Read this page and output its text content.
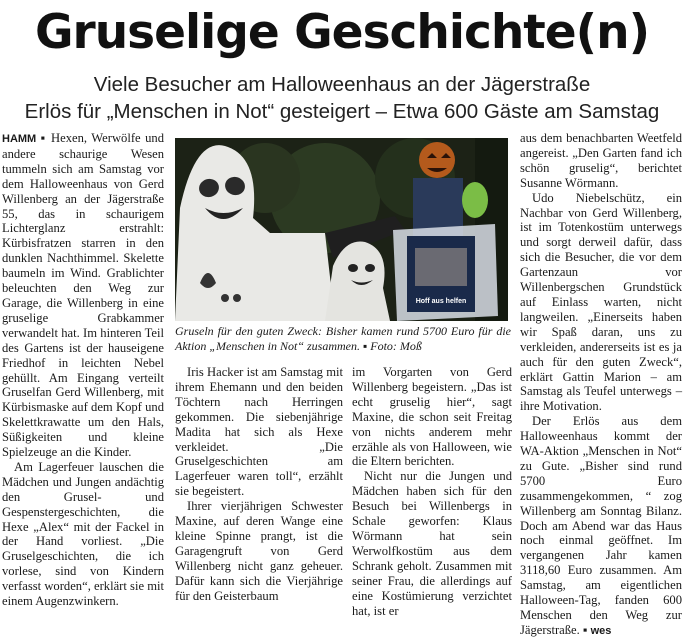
Gruselige Geschichte(n)
Viele Besucher am Halloweenhaus an der Jägerstraße
Erlös für „Menschen in Not“ gesteigert – Etwa 600 Gäste am Samstag

HAMM ▪ Hexen, Werwölfe und andere schaurige Wesen tummeln sich am Samstag vor dem Halloweenhaus von Gerd Willenberg an der Jägerstraße 55, das in schaurigem Lichterglanz erstrahlt: Kürbisfratzen starren in den dunklen Nachthimmel. Skelette baumeln im Wind. Grablichter beleuchten den Weg zur Garage, die Willenberg in eine gruselige Grabkammer verwandelt hat. Im hinteren Teil des Gartens ist der hauseigene Friedhof in leichten Nebel gehüllt. Am Eingang verteilt Gruselfan Gerd Willenberg, mit Kürbismaske auf dem Kopf und Skelettkrawatte um den Hals, Süßigkeiten und kleine Spielzeuge an die Kinder.

Am Lagerfeuer lauschen die Mädchen und Jungen andächtig den Grusel- und Gespenstergeschichten, die Hexe „Alex“ mit der Fackel in der Hand vorliest. „Die Gruselgeschichten, die ich vorlese, sind von Kindern verfasst worden“, erklärt sie mit einem Augenzwinkern.

Hoff aus helfen
Gruseln für den guten Zweck: Bisher kamen rund 5700 Euro für die Aktion „Menschen in Not“ zusammen. ▪ Foto: Moß

Iris Hacker ist am Samstag mit ihrem Ehemann und den beiden Töchtern nach Herringen gekommen. Die siebenjährige Madita hat sich als Hexe verkleidet. „Die Gruselgeschichten am Lagerfeuer waren toll“, erzählt sie begeistert.

Ihrer vierjährigen Schwester Maxine, auf deren Wange eine kleine Spinne prangt, ist die Garagengruft von Gerd Willenberg nicht ganz geheuer. Dafür kann sich die Vierjährige für den Geisterbaum

im Vorgarten von Gerd Willenberg begeistern. „Das ist echt gruselig hier“, sagt Maxine, die schon seit Freitag von nichts anderem mehr erzähle als von Halloween, wie die Eltern berichten.

Nicht nur die Jungen und Mädchen haben sich für den Besuch bei Willenbergs in Schale geworfen: Klaus Wörmann hat sein Werwolfkostüm aus dem Schrank geholt. Zusammen mit seiner Frau, die allerdings auf eine Kostümierung verzichtet hat, ist er

aus dem benachbarten Weetfeld angereist. „Den Garten fand ich schön gruselig“, berichtet Susanne Wörmann.

Udo Niebelschütz, ein Nachbar von Gerd Willenberg, ist im Totenkostüm unterwegs und sorgt derweil dafür, dass sich die Besucher, die vor dem Gartenzaun vor Willenbergschen Grundstück auf Einlass warten, nicht langweilen. „Einerseits haben wir Spaß daran, uns zu verkleiden, andererseits ist es ja auch für den guten Zweck“, erklärt Gattin Marion – am Samstag als Teufel unterwegs – ihre Motivation.

Der Erlös aus dem Halloweenhaus kommt der WA-Aktion „Menschen in Not“ zu Gute. „Bisher sind rund 5700 Euro zusammengekommen, “ zog Willenberg am Sonntag Bilanz. Doch am Abend war das Haus noch einmal geöffnet. Im vergangenen Jahr kamen 3118,60 Euro zusammen. Am Samstag, am eigentlichen Halloween-Tag, fanden 600 Menschen den Weg zur Jägerstraße. ▪ wes
